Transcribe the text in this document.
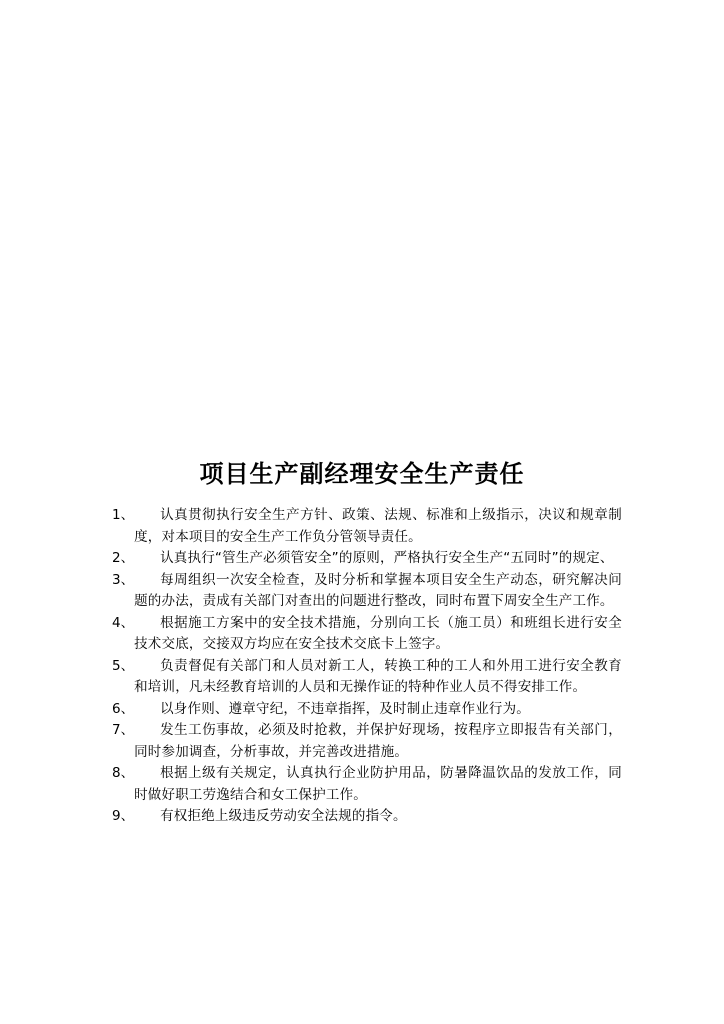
项目生产副经理安全生产责任
1、	认真贯彻执行安全生产方针、政策、法规、标准和上级指示，决议和规章制度，对本项目的安全生产工作负分管领导责任。
2、	认真执行“管生产必须管安全”的原则，严格执行安全生产“五同时”的规定、
3、	每周组织一次安全检查，及时分析和掌握本项目安全生产动态，研究解决问题的办法，责成有关部门对查出的问题进行整改，同时布置下周安全生产工作。
4、	根据施工方案中的安全技术措施，分别向工长（施工员）和班组长进行安全技术交底，交接双方均应在安全技术交底卡上签字。
5、	负责督促有关部门和人员对新工人，转换工种的工人和外用工进行安全教育和培训，凡未经教育培训的人员和无操作证的特种作业人员不得安排工作。
6、	以身作则、遵章守纪，不违章指挥，及时制止违章作业行为。
7、	发生工伤事故，必须及时抢救，并保护好现场，按程序立即报告有关部门，同时参加调查，分析事故，并完善改进措施。
8、	根据上级有关规定，认真执行企业防护用品，防暑降温饮品的发放工作，同时做好职工劳逸结合和女工保护工作。
9、	有权拒绝上级违反劳动安全法规的指令。
